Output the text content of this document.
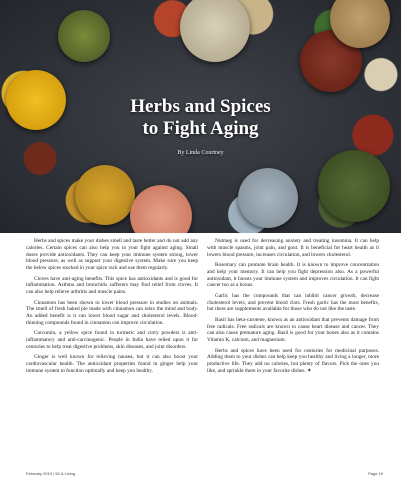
Herbs and Spices
to Fight Aging
By Linda Courtney

Herbs and spices make your dishes smell and taste better and do not add any calories. Certain spices can also help you in your fight against aging. Small doses provide antioxidants. They can keep your immune system strong, lower blood pressure, as well as support your digestive system. Make sure you keep the below spices stocked in your spice rack and use them regularly.

Cloves have anti-aging benefits. This spice has antioxidants and is good for inflammation. Asthma and bronchitis sufferers may find relief from cloves. It can also help relieve arthritis and muscle pains.

Cinnamon has been shown to lower blood pressure in studies on animals. The smell of fresh baked pie made with cinnamon can relax the mind and body. An added benefit is it can lower blood sugar and cholesterol levels. Blood-thinning compounds found in cinnamon can improve circulation.

Curcumin, a yellow spice found in turmeric and curry powders is anti-inflammatory and anti-carcinogenic. People in India have relied upon it for centuries to help treat digestive problems, skin diseases, and joint disorders.

Ginger is well known for relieving nausea, but it can also boost your cardiovascular health. The antioxidant properties found in ginger help your immune system to function optimally and keep you healthy.

Nutmeg is used for decreasing anxiety and treating insomnia. It can help with muscle spasms, joint pain, and gout. It is beneficial for heart health as it lowers blood pressure, increases circulation, and lowers cholesterol.

Rosemary can promote brain health. It is known to improve concentration and help your memory. It can help you fight depression also. As a powerful antioxidant, it boosts your immune system and improves circulation. It can fight cancer too as a bonus.

Garlic has the compounds that can inhibit cancer growth, decrease cholesterol levels, and prevent blood clots. Fresh garlic has the most benefits, but there are supplements available for those who do not like the taste.

Basil has beta-carotene, known as an antioxidant that prevents damage from free radicals. Free radicals are known to cause heart disease and cancer. They can also cause premature aging. Basil is good for your bones also as it contains Vitamin K, calcium, and magnesium.

Herbs and spices have been used for centuries for medicinal purposes. Adding them to your dishes can help keep you healthy and living a longer, more productive life. They add no calories, but plenty of flavors. Pick the ones you like, and sprinkle them in your favorite dishes. ✦

February 2019 | 50 & Living	Page 19
